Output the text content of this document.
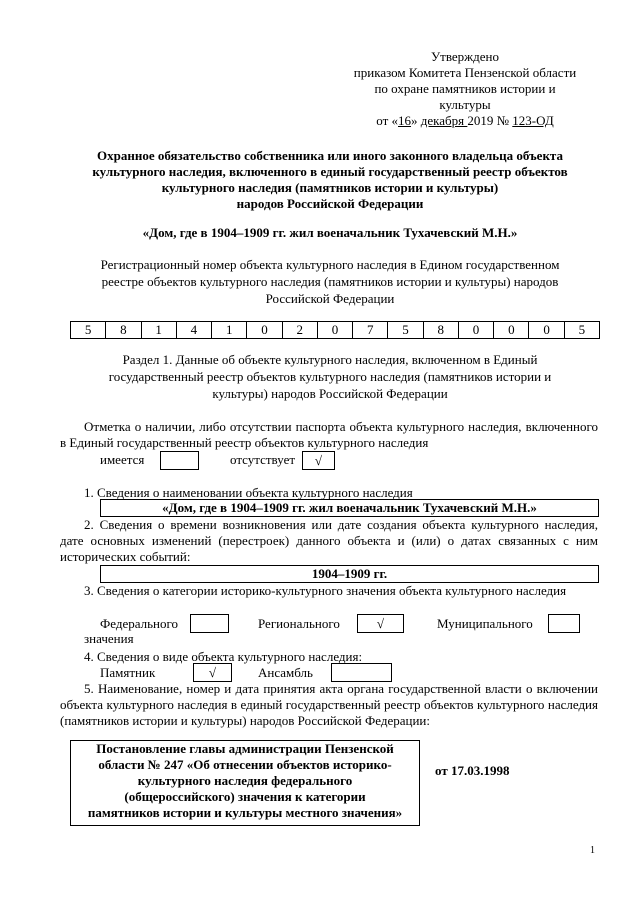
Утверждено
приказом Комитета Пензенской области
по охране памятников истории и
культуры
от «16» декабря 2019 № 123-ОД
Охранное обязательство собственника или иного законного владельца объекта
культурного наследия, включенного в единый государственный реестр объектов
культурного наследия (памятников истории и культуры)
народов Российской Федерации
«Дом, где в 1904–1909 гг. жил военачальник Тухачевский М.Н.»
Регистрационный номер объекта культурного наследия в Едином государственном
реестре объектов культурного наследия (памятников истории и культуры) народов
Российской Федерации
5	8	1	4	1	0	2	0	7	5	8	0	0	0	5
Раздел 1. Данные об объекте культурного наследия, включенном в Единый
государственный реестр объектов культурного наследия (памятников истории и
культуры) народов Российской Федерации
Отметка о наличии, либо отсутствии паспорта объекта культурного наследия, включенного в Единый государственный реестр объектов культурного наследия
имеется	отсутствует	√
1. Сведения о наименовании объекта культурного наследия
«Дом, где в 1904–1909 гг. жил военачальник Тухачевский М.Н.»
2. Сведения о времени возникновения или дате создания объекта культурного наследия, дате основных изменений (перестроек) данного объекта и (или) о датах связанных с ним исторических событий:
1904–1909 гг.
3. Сведения о категории историко-культурного значения объекта культурного наследия
Федерального	Регионального	√	Муниципального
значения
4. Сведения о виде объекта культурного наследия:
Памятник	√	Ансамбль
5. Наименование, номер и дата принятия акта органа государственной власти о включении объекта культурного наследия в единый государственный реестр объектов культурного наследия (памятников истории и культуры) народов Российской Федерации:
Постановление главы администрации Пензенской
области № 247 «Об отнесении объектов историко-
культурного наследия федерального
(общероссийского) значения к категории
памятников истории и культуры местного значения»
от 17.03.1998
1
